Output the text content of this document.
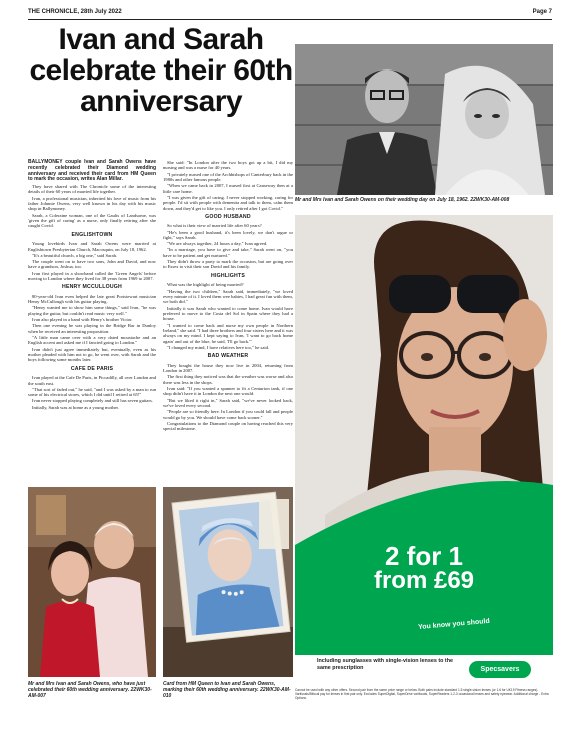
THE CHRONICLE, 28th July 2022	Page 7
Ivan and Sarah celebrate their 60th anniversary

BALLYMONEY couple Ivan and Sarah Owens have recently celebrated their Diamond wedding anniversary and received their card from HM Queen to mark the occasion, writes Alan Millar.

They have shared with The Chronicle some of the interesting details of their 60 years of married life together.

Ivan, a professional musician, inherited his love of music from his father Johnnie Owens, very well known in his day with his music shop in Ballymoney.

Sarah, a Coleraine woman, one of the Gaults of Landsome, was 'given the gift of caring' as a nurse, only finally retiring after she caught Covid.

ENGLISHTOWN

Young lovebirds Ivan and Sarah Owens were married at Englishtown Presbyterian Church, Macosquin, on July 18, 1962.

"It's a beautiful church, a big one," said Sarah.

The couple went on to have two sons, John and David, and now have a grandson, Joshua, too.

Ivan first played in a showband called the 'Green Angels' before moving to London where they lived for 38 years from 1969 to 2007.

HENRY MCCULLOUGH

80-year-old Ivan even helped the late great Portstewart musician Henry McCullough with his guitar playing.

"Henry wanted me to show him some things," said Ivan, "he was playing the guitar, but couldn't read music very well."

Ivan also played in a band with Henry's brother Victor.

Then one evening he was playing in the Bridge Bar in Dunloy when he received an interesting proposition.

"A little man came over with a very dated moustache and an English accent and asked me if I fancied going to London."

Ivan didn't just agree immediately but, eventually, even as his mother pleaded with him not to go, he went over, with Sarah and the boys following some months later.

CAFE DE PARIS

Ivan played at the Cafe De Paris, in Piccadilly, all over London and the south east.

"That sort of faded out," he said, "and I was asked by a man to run some of his electrical stores, which I did until I retired at 65!"

Ivan never stopped playing completely and still has seven guitars.

Initially, Sarah was at home as a young mother.

She said: "In London after the two boys got up a bit, I did my nursing and was a nurse for 40 years.

"I privately nursed one of the Archbishops of Canterbury back in the 1980s and other famous people.

"When we came back in 2007, I nursed first at Causeway then at a little care home.

"I was given the gift of caring. I never stopped working, caring for people. I'd sit with people with dementia and talk to them, calm them down, and they'd get to like you. I only retired after I got Covid."

GOOD HUSBAND

So what is their view of married life after 60 years?

"He's been a good husband, it's been lovely, we don't argue or fight," says Sarah.

"We are always together, 24 hours a day," Ivan agreed.

"In a marriage, you have to give and take," Sarah went on, "you have to be patient and get nurtured."

They didn't throw a party to mark the occasion, but are going over to Essex to visit their son David and his family.

HIGHLIGHTS

What was the highlight of being married?

"Having the two children," Sarah said, immediately, "we loved every minute of it. I loved them wee babies, I had great fun with them, we both did."

Initially it was Sarah who wanted to come home. Ivan would have preferred to move to the Costa del Sol in Spain where they had a house.

"I wanted to come back and nurse my own people in Northern Ireland," she said. "I had three brothers and four sisters here and it was always on my mind. I kept saying to Ivan, 'I want to go back home again' and out of the blue, he said, 'I'll go back.'"

"I changed my mind, I have relatives here too," he said.

BAD WEATHER

They bought the house they now live in 2004, returning from London in 2007.

The first thing they noticed was that the weather was worse and also there was less in the shops.

Ivan said: "If you wanted a spanner to fit a Centurion tank, if one shop didn't have it in London the next one would.

"But we liked it right in," Sarah said, "we've never looked back, we've loved every second.

"People are so friendly here. In London if you could fall and people would go by you. We should have come back sooner."

Congratulations to the Diamond couple on having reached this very special milestone.

Mr and Mrs Ivan and Sarah Owens on their wedding day on July 18, 1962. 22WK30-AM-008
Mr and Mrs Ivan and Sarah Owens, who have just celebrated their 60th wedding anniversary. 22WK30-AM-007
Card from HM Queen to Ivan and Sarah Owens, marking their 60th wedding anniversary. 22WK30-AM-010
2 for 1
from £69
You know you should
Including sunglasses with single-vision lenses to the same prescription	Specsavers
Cannot be used with any other offers. Second pair from the same price range or below. Both pairs include standard 1.5 single-vision lenses (or 1.6 for UK19 Fitness ranges). Varifocals/Bifocal pay for lenses in first pair only. Excludes SuperDigital, SuperDrive varifocals, SuperReaders 1-2-3 occasional lenses and safety eyewear. Additional charge - Extra Options.
